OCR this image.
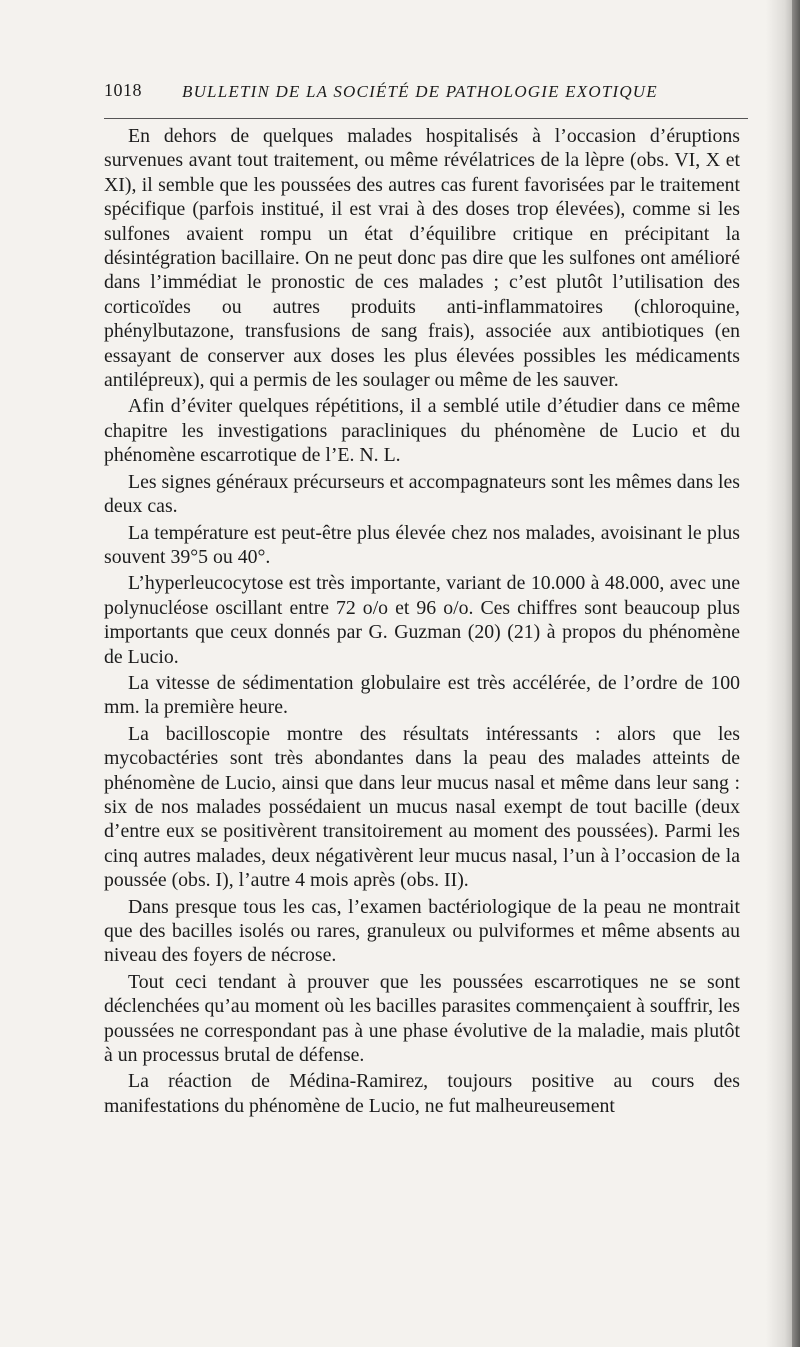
1018 BULLETIN DE LA SOCIÉTÉ DE PATHOLOGIE EXOTIQUE

En dehors de quelques malades hospitalisés à l’occasion d’éruptions survenues avant tout traitement, ou même révélatrices de la lèpre (obs. VI, X et XI), il semble que les poussées des autres cas furent favorisées par le traitement spécifique (parfois institué, il est vrai à des doses trop élevées), comme si les sulfones avaient rompu un état d’équilibre critique en précipitant la désintégration bacillaire. On ne peut donc pas dire que les sulfones ont amélioré dans l’immédiat le pronostic de ces malades ; c’est plutôt l’utilisation des corticoïdes ou autres produits anti-inflammatoires (chloroquine, phénylbutazone, transfusions de sang frais), associée aux antibiotiques (en essayant de conserver aux doses les plus élevées possibles les médicaments antilépreux), qui a permis de les soulager ou même de les sauver.

Afin d’éviter quelques répétitions, il a semblé utile d’étudier dans ce même chapitre les investigations paracliniques du phénomène de Lucio et du phénomène escarrotique de l’E. N. L.

Les signes généraux précurseurs et accompagnateurs sont les mêmes dans les deux cas.

La température est peut-être plus élevée chez nos malades, avoisinant le plus souvent 39°5 ou 40°.

L’hyperleucocytose est très importante, variant de 10.000 à 48.000, avec une polynucléose oscillant entre 72 o/o et 96 o/o. Ces chiffres sont beaucoup plus importants que ceux donnés par G. Guzman (20) (21) à propos du phénomène de Lucio.

La vitesse de sédimentation globulaire est très accélérée, de l’ordre de 100 mm. la première heure.

La bacilloscopie montre des résultats intéressants : alors que les mycobactéries sont très abondantes dans la peau des malades atteints de phénomène de Lucio, ainsi que dans leur mucus nasal et même dans leur sang : six de nos malades possédaient un mucus nasal exempt de tout bacille (deux d’entre eux se positivèrent transitoirement au moment des poussées). Parmi les cinq autres malades, deux négativèrent leur mucus nasal, l’un à l’occasion de la poussée (obs. I), l’autre 4 mois après (obs. II).

Dans presque tous les cas, l’examen bactériologique de la peau ne montrait que des bacilles isolés ou rares, granuleux ou pulviformes et même absents au niveau des foyers de nécrose.

Tout ceci tendant à prouver que les poussées escarrotiques ne se sont déclenchées qu’au moment où les bacilles parasites commençaient à souffrir, les poussées ne correspondant pas à une phase évolutive de la maladie, mais plutôt à un processus brutal de défense.

La réaction de Médina-Ramirez, toujours positive au cours des manifestations du phénomène de Lucio, ne fut malheureusement
